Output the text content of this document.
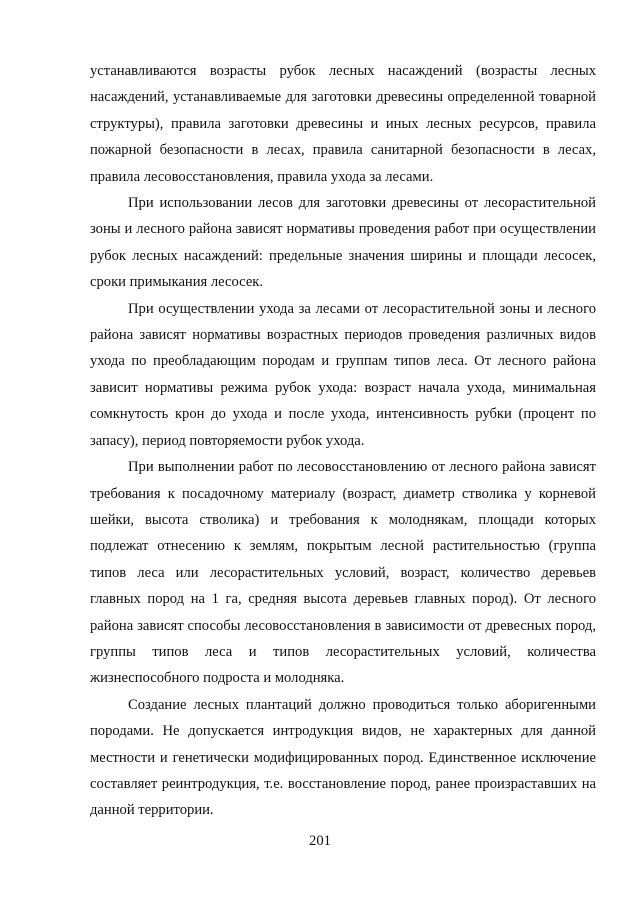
устанавливаются возрасты рубок лесных насаждений (возрасты лесных насаждений, устанавливаемые для заготовки древесины определенной товарной структуры), правила заготовки древесины и иных лесных ресурсов, правила пожарной безопасности в лесах, правила санитарной безопасности в лесах, правила лесовосстановления, правила ухода за лесами.

При использовании лесов для заготовки древесины от лесорастительной зоны и лесного района зависят нормативы проведения работ при осуществлении рубок лесных насаждений: предельные значения ширины и площади лесосек, сроки примыкания лесосек.

При осуществлении ухода за лесами от лесорастительной зоны и лесного района зависят нормативы возрастных периодов проведения различных видов ухода по преобладающим породам и группам типов леса. От лесного района зависит нормативы режима рубок ухода: возраст начала ухода, минимальная сомкнутость крон до ухода и после ухода, интенсивность рубки (процент по запасу), период повторяемости рубок ухода.

При выполнении работ по лесовосстановлению от лесного района зависят требования к посадочному материалу (возраст, диаметр стволика у корневой шейки, высота стволика) и требования к молоднякам, площади которых подлежат отнесению к землям, покрытым лесной растительностью (группа типов леса или лесорастительных условий, возраст, количество деревьев главных пород на 1 га, средняя высота деревьев главных пород). От лесного района зависят способы лесовосстановления в зависимости от древесных пород, группы типов леса и типов лесорастительных условий, количества жизнеспособного подроста и молодняка.

Создание лесных плантаций должно проводиться только аборигенными породами. Не допускается интродукция видов, не характерных для данной местности и генетически модифицированных пород. Единственное исключение составляет реинтродукция, т.е. восстановление пород, ранее произраставших на данной территории.

201
